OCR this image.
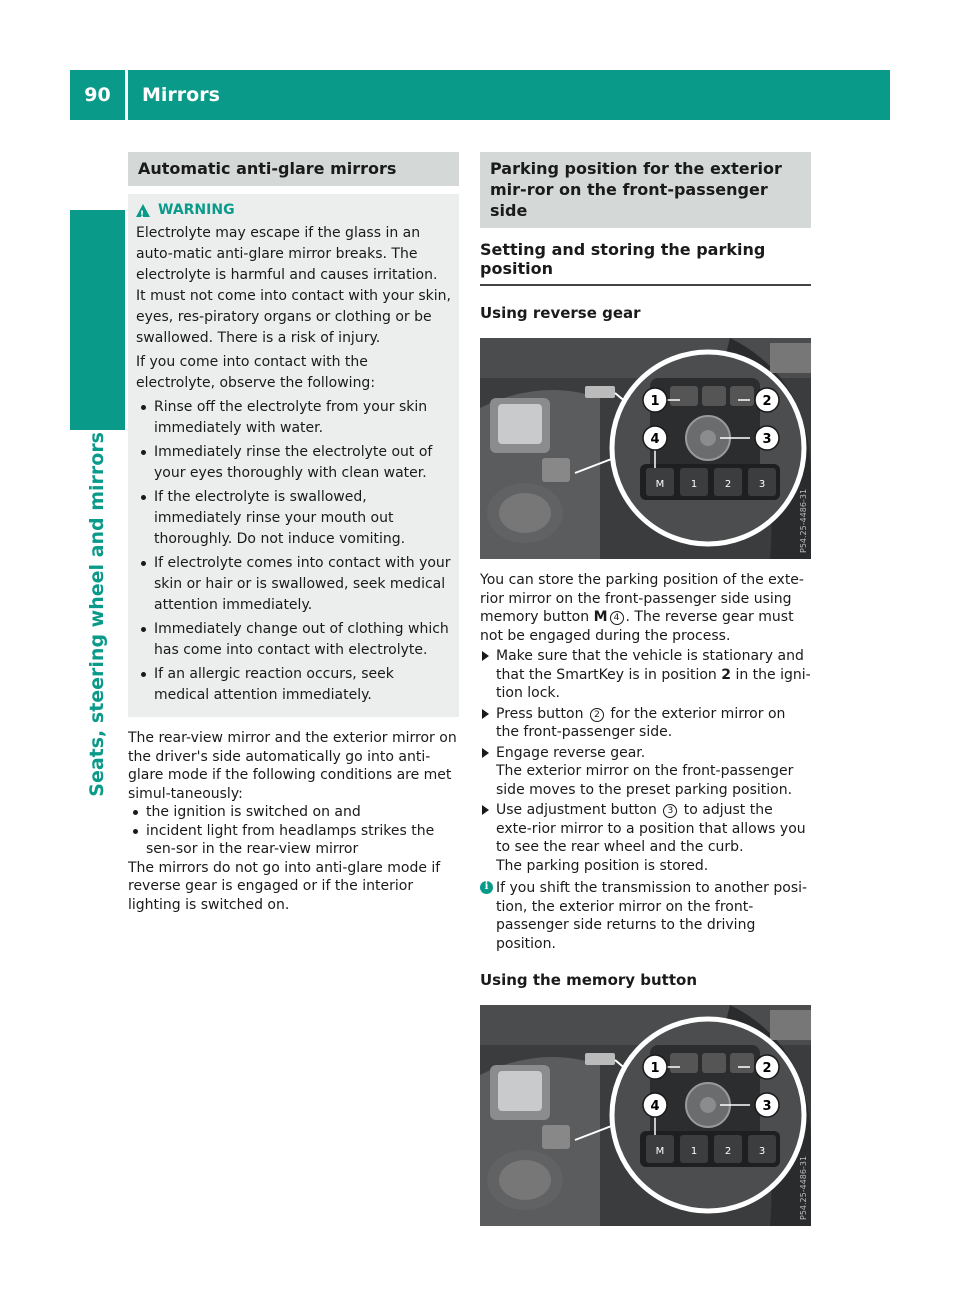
90	Mirrors
Seats, steering wheel and mirrors
Automatic anti-glare mirrors
!
WARNING

Electrolyte may escape if the glass in an auto-matic anti-glare mirror breaks. The electrolyte is harmful and causes irritation. It must not come into contact with your skin, eyes, res-piratory organs or clothing or be swallowed. There is a risk of injury.

If you come into contact with the electrolyte, observe the following:

Rinse off the electrolyte from your skin immediately with water.
Immediately rinse the electrolyte out of your eyes thoroughly with clean water.
If the electrolyte is swallowed, immediately rinse your mouth out thoroughly. Do not induce vomiting.
If electrolyte comes into contact with your skin or hair or is swallowed, seek medical attention immediately.
Immediately change out of clothing which has come into contact with electrolyte.
If an allergic reaction occurs, seek medical attention immediately.

The rear-view mirror and the exterior mirror on the driver's side automatically go into anti-glare mode if the following conditions are met simul-taneously:

the ignition is switched on and
incident light from headlamps strikes the sen-sor in the rear-view mirror

The mirrors do not go into anti-glare mode if reverse gear is engaged or if the interior lighting is switched on.

Parking position for the exterior mir-ror on the front-passenger side
Setting and storing the parking position
Using reverse gear
M	1	2	3
1	2
3
4
P54.25-4486-31

You can store the parking position of the exte-rior mirror on the front-passenger side using memory button M 4 . The reverse gear must not be engaged during the process.

Make sure that the vehicle is stationary and that the SmartKey is in position 2 in the igni-tion lock.
Press button 2 for the exterior mirror on the front-passenger side.
Engage reverse gear.
The exterior mirror on the front-passenger side moves to the preset parking position.
Use adjustment button 3 to adjust the exte-rior mirror to a position that allows you to see the rear wheel and the curb.
The parking position is stored.
i If you shift the transmission to another posi-tion, the exterior mirror on the front-passenger side returns to the driving position.
Using the memory button
M	1	2	3
1	2
3
4
P54.25-4486-31
